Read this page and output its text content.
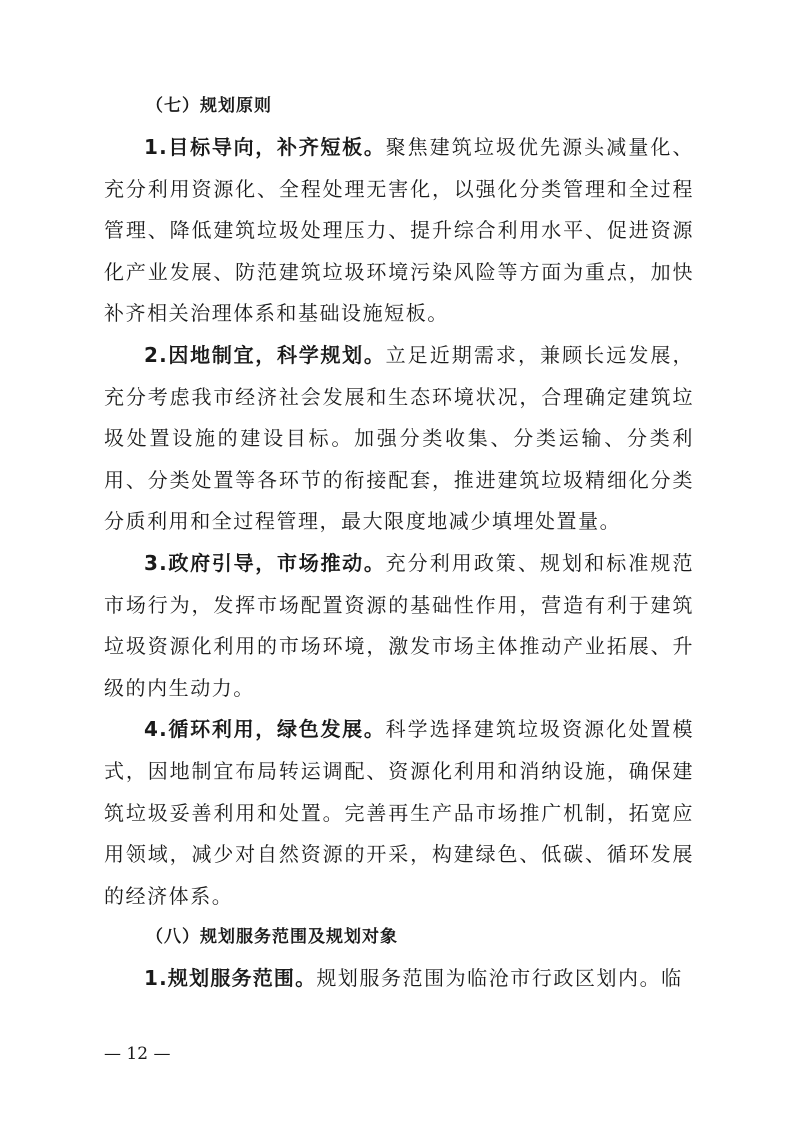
（七）规划原则

1.目标导向，补齐短板。聚焦建筑垃圾优先源头减量化、充分利用资源化、全程处理无害化，以强化分类管理和全过程管理、降低建筑垃圾处理压力、提升综合利用水平、促进资源化产业发展、防范建筑垃圾环境污染风险等方面为重点，加快补齐相关治理体系和基础设施短板。

2.因地制宜，科学规划。立足近期需求，兼顾长远发展，充分考虑我市经济社会发展和生态环境状况，合理确定建筑垃圾处置设施的建设目标。加强分类收集、分类运输、分类利用、分类处置等各环节的衔接配套，推进建筑垃圾精细化分类分质利用和全过程管理，最大限度地减少填埋处置量。

3.政府引导，市场推动。充分利用政策、规划和标准规范市场行为，发挥市场配置资源的基础性作用，营造有利于建筑垃圾资源化利用的市场环境，激发市场主体推动产业拓展、升级的内生动力。

4.循环利用，绿色发展。科学选择建筑垃圾资源化处置模式，因地制宜布局转运调配、资源化利用和消纳设施，确保建筑垃圾妥善利用和处置。完善再生产品市场推广机制，拓宽应用领域，减少对自然资源的开采，构建绿色、低碳、循环发展的经济体系。

（八）规划服务范围及规划对象

1.规划服务范围。规划服务范围为临沧市行政区划内。临

— 12 —
